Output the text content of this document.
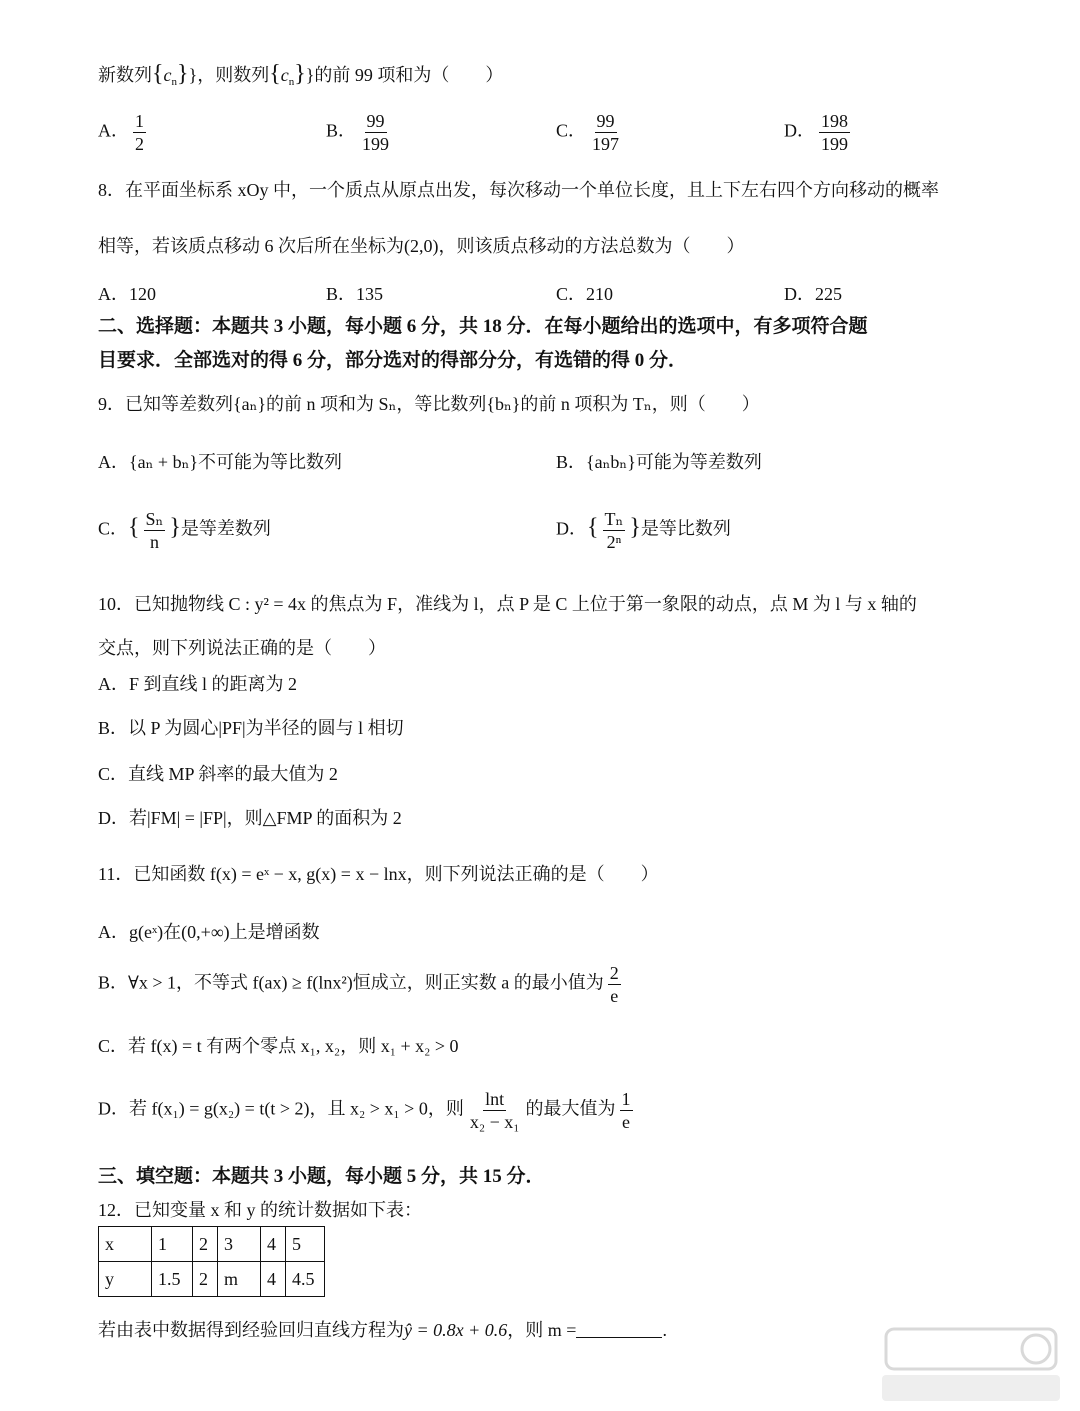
新数列$\{c_n\}$}，则数列$\{c_n\}$}的前 99 项和为（　　）
A． $\frac{1}{2}$	B． $\frac{99}{199}$	C． $\frac{99}{197}$	D． $\frac{198}{199}$
8．在平面坐标系 xOy 中，一个质点从原点出发，每次移动一个单位长度，且上下左右四个方向移动的概率
相等，若该质点移动 6 次后所在坐标为(2,0)，则该质点移动的方法总数为（　　）
A．120	B．135	C．210	D．225
二、选择题：本题共 3 小题，每小题 6 分，共 18 分．在每小题给出的选项中，有多项符合题
目要求．全部选对的得 6 分，部分选对的得部分分，有选错的得 0 分．
9．已知等差数列{aₙ}的前 n 项和为 Sₙ，等比数列{bₙ}的前 n 项积为 Tₙ，则（　　）
A．{aₙ + bₙ}不可能为等比数列	B．{aₙbₙ}可能为等差数列
C．{ $\frac{\text{Sₙ}}{n}$ }是等差数列	D．{ $\frac{\text{Tₙ}}{\text{2ⁿ}}$ }是等比数列
10．已知抛物线 C : y² = 4x 的焦点为 F，准线为 l，点 P 是 C 上位于第一象限的动点，点 M 为 l 与 x 轴的
交点，则下列说法正确的是（　　）
A．F 到直线 l 的距离为 2
B．以 P 为圆心|PF|为半径的圆与 l 相切
C．直线 MP 斜率的最大值为 2
D．若|FM| = |FP|，则△FMP 的面积为 2
11．已知函数 f(x) = eˣ − x, g(x) = x − lnx，则下列说法正确的是（　　）
A．g(eˣ)在(0,+∞)上是增函数
B．∀x > 1，不等式 f(ax) ≥ f(lnx²)恒成立，则正实数 a 的最小值为 $\frac{2}{e}$
C．若 f(x) = t 有两个零点 x₁, x₂，则 x₁ + x₂ > 0
D．若 f(x₁) = g(x₂) = t(t > 2)，且 x₂ > x₁ > 0，则 $\frac{\ln t}{\text{x₂ − x₁}}$ 的最大值为 $\frac{1}{e}$
三、填空题：本题共 3 小题，每小题 5 分，共 15 分．
12．已知变量 x 和 y 的统计数据如下表：
x	1	2	3	4	5
y	1.5	2	m	4	4.5
若由表中数据得到经验回归直线方程为ŷ = 0.8x + 0.6，则 m =	.
